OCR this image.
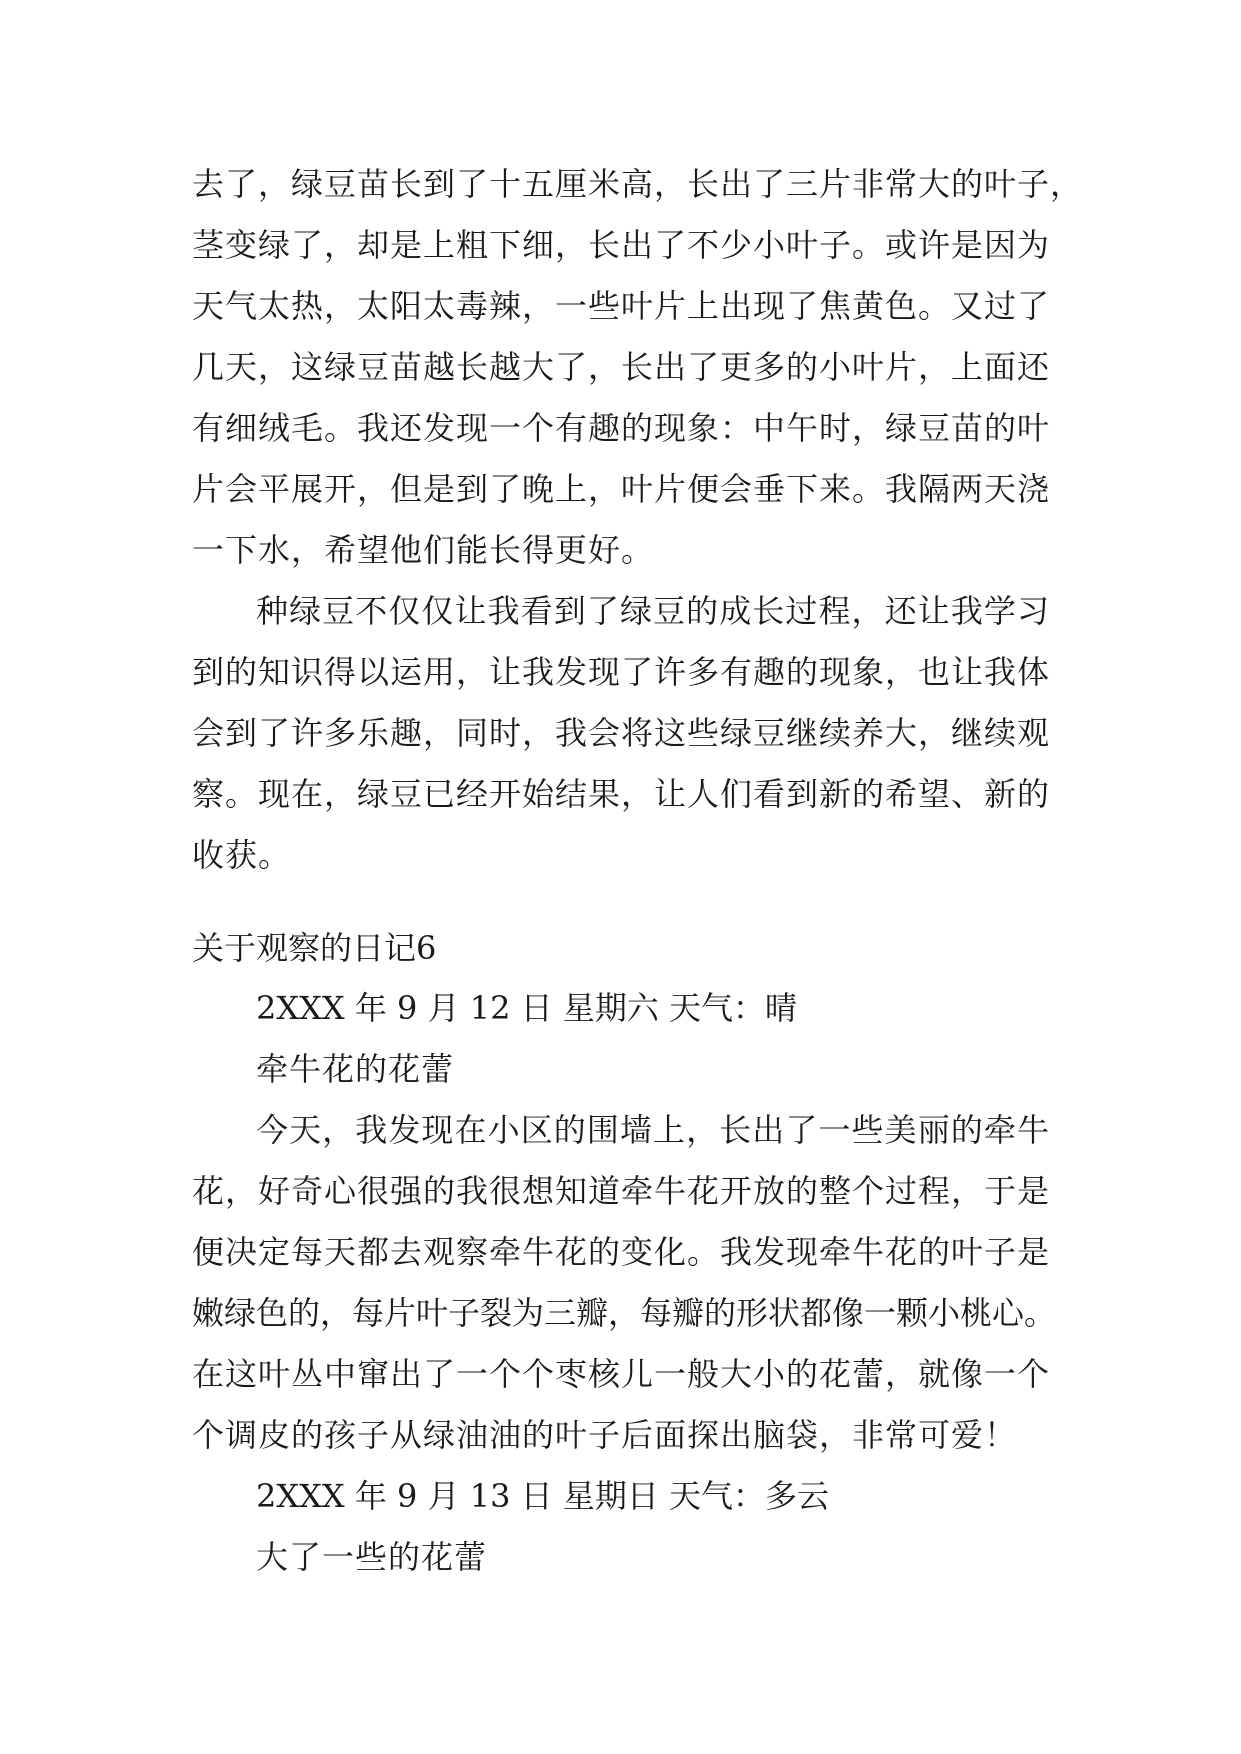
去了，绿豆苗长到了十五厘米高，长出了三片非常大的叶子，
茎变绿了，却是上粗下细，长出了不少小叶子。或许是因为
天气太热，太阳太毒辣，一些叶片上出现了焦黄色。又过了
几天，这绿豆苗越长越大了，长出了更多的小叶片，上面还
有细绒毛。我还发现一个有趣的现象：中午时，绿豆苗的叶
片会平展开，但是到了晚上，叶片便会垂下来。我隔两天浇
一下水，希望他们能长得更好。
种绿豆不仅仅让我看到了绿豆的成长过程，还让我学习
到的知识得以运用，让我发现了许多有趣的现象，也让我体
会到了许多乐趣，同时，我会将这些绿豆继续养大，继续观
察。现在，绿豆已经开始结果，让人们看到新的希望、新的
收获。
关于观察的日记6
2XXX 年 9 月 12 日 星期六 天气：晴
牵牛花的花蕾
今天，我发现在小区的围墙上，长出了一些美丽的牵牛
花，好奇心很强的我很想知道牵牛花开放的整个过程，于是
便决定每天都去观察牵牛花的变化。我发现牵牛花的叶子是
嫩绿色的，每片叶子裂为三瓣，每瓣的形状都像一颗小桃心。
在这叶丛中窜出了一个个枣核儿一般大小的花蕾，就像一个
个调皮的孩子从绿油油的叶子后面探出脑袋，非常可爱！
2XXX 年 9 月 13 日 星期日 天气：多云
大了一些的花蕾
